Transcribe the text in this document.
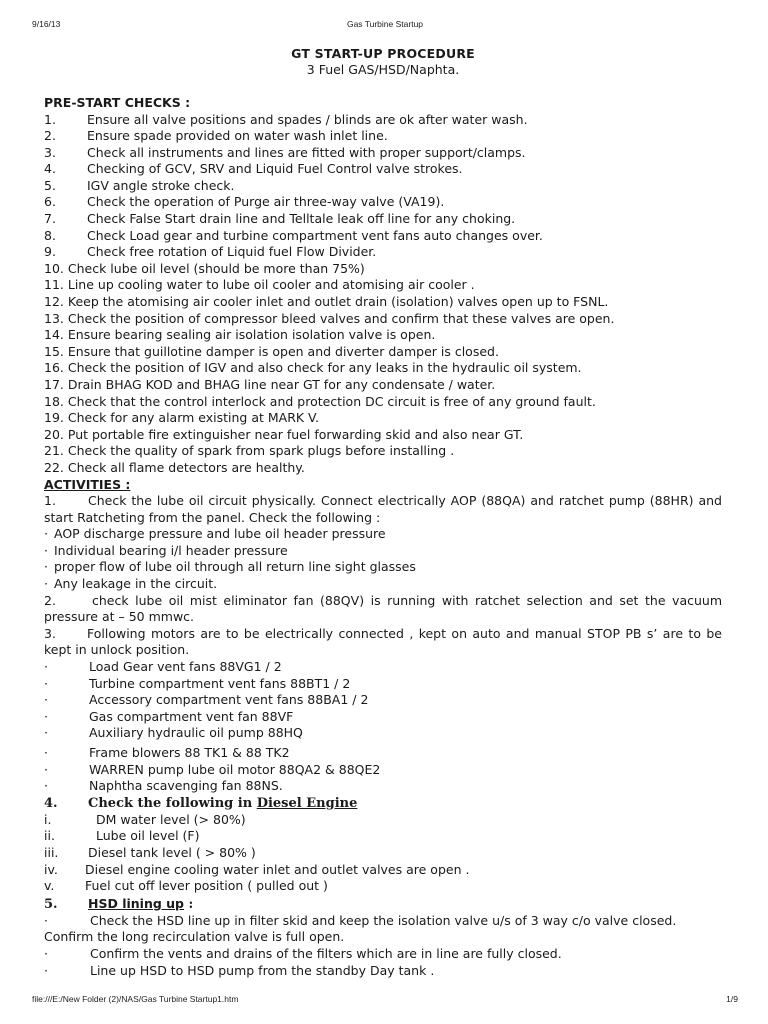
9/16/13	Gas Turbine Startup
GT START-UP PROCEDURE
3 Fuel GAS/HSD/Naphta.
PRE-START CHECKS :
1. Ensure all valve positions and spades / blinds are ok after water wash.
2. Ensure spade provided on water wash inlet line.
3. Check all instruments and lines are fitted with proper support/clamps.
4. Checking of GCV, SRV and Liquid Fuel Control valve strokes.
5. IGV angle stroke check.
6. Check the operation of Purge air three-way valve (VA19).
7. Check False Start drain line and Telltale leak off line for any choking.
8. Check Load gear and turbine compartment vent fans auto changes over.
9. Check free rotation of Liquid fuel Flow Divider.
10. Check lube oil level (should be more than 75%)
11. Line up cooling water to lube oil cooler and atomising air cooler .
12. Keep the atomising air cooler inlet and outlet drain (isolation) valves open up to FSNL.
13. Check the position of compressor bleed valves and confirm that these valves are open.
14. Ensure bearing sealing air isolation isolation valve is open.
15. Ensure that guillotine damper is open and diverter damper is closed.
16. Check the position of IGV and also check for any leaks in the hydraulic oil system.
17. Drain BHAG KOD and BHAG line near GT for any condensate / water.
18. Check that the control interlock and protection DC circuit is free of any ground fault.
19. Check for any alarm existing at MARK V.
20. Put portable fire extinguisher near fuel forwarding skid and also near GT.
21. Check the quality of spark from spark plugs before installing .
22. Check all flame detectors are healthy.
ACTIVITIES :
1.	Check the lube oil circuit physically. Connect electrically AOP (88QA) and ratchet pump (88HR) and start Ratcheting from the panel. Check the following :
· AOP discharge pressure and lube oil header pressure
· Individual bearing i/l header pressure
· proper flow of lube oil through all return line sight glasses
· Any leakage in the circuit.
2.	check lube oil mist eliminator fan (88QV) is running with ratchet selection and set the vacuum pressure at – 50 mmwc.
3. Following motors are to be electrically connected , kept on auto and manual STOP PB s’ are to be kept in unlock position.
·	Load Gear vent fans 88VG1 / 2
·	Turbine compartment vent fans 88BT1 / 2
·	Accessory compartment vent fans 88BA1 / 2
·	Gas compartment vent fan 88VF
·	Auxiliary hydraulic oil pump 88HQ
·	Frame blowers 88 TK1 & 88 TK2
·	WARREN pump lube oil motor 88QA2 & 88QE2
·	Naphtha scavenging fan 88NS.
4. Check the following in Diesel Engine
i.	DM water level (> 80%)
ii.	Lube oil level (F)
iii. Diesel tank level ( > 80% )
iv. Diesel engine cooling water inlet and outlet valves are open .
v. Fuel cut off lever position ( pulled out )
5. HSD lining up :
·	Check the HSD line up in filter skid and keep the isolation valve u/s of 3 way c/o valve closed. Confirm the long recirculation valve is full open.
·	Confirm the vents and drains of the filters which are in line are fully closed.
·	Line up HSD to HSD pump from the standby Day tank .
file:///E:/New Folder (2)/NAS/Gas Turbine Startup1.htm	1/9
